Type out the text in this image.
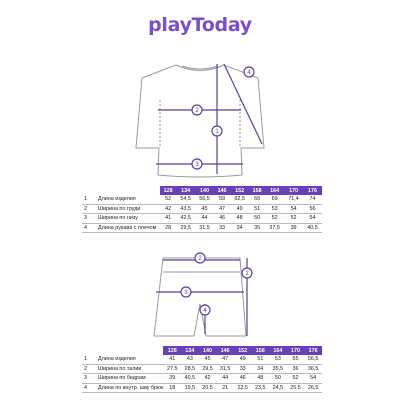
playToday
1
2
3
4
1
2
3
4
		128	134	140	146	152	158	164	170	176
1	Длина изделия	52	54,5	56,5	59	62,5	66	69	71,4	74
2	Ширина по груди	42	43,5	45	47	49	51	53	54	56
3	Ширина по низу	41	42,5	44	46	48	50	52	52	54
4	Длина рукава с плечом	28	29,5	31,5	33	34	35	37,5	39	40,5
		128	134	140	146	152	158	164	170	176
1	Длина изделия	41	43	45	47	49	51	53	55	56,5
2	Ширина по талии	27,5	28,5	29,5	31,5	33	34	35,5	36	36,5
3	Ширина по бедрам	39	40,5	42	44	46	48	50	52	54
4	Длина по внутр. шву брюк	18	19,5	20,5	21	22,5	23,5	24,5	25,5	26,5
